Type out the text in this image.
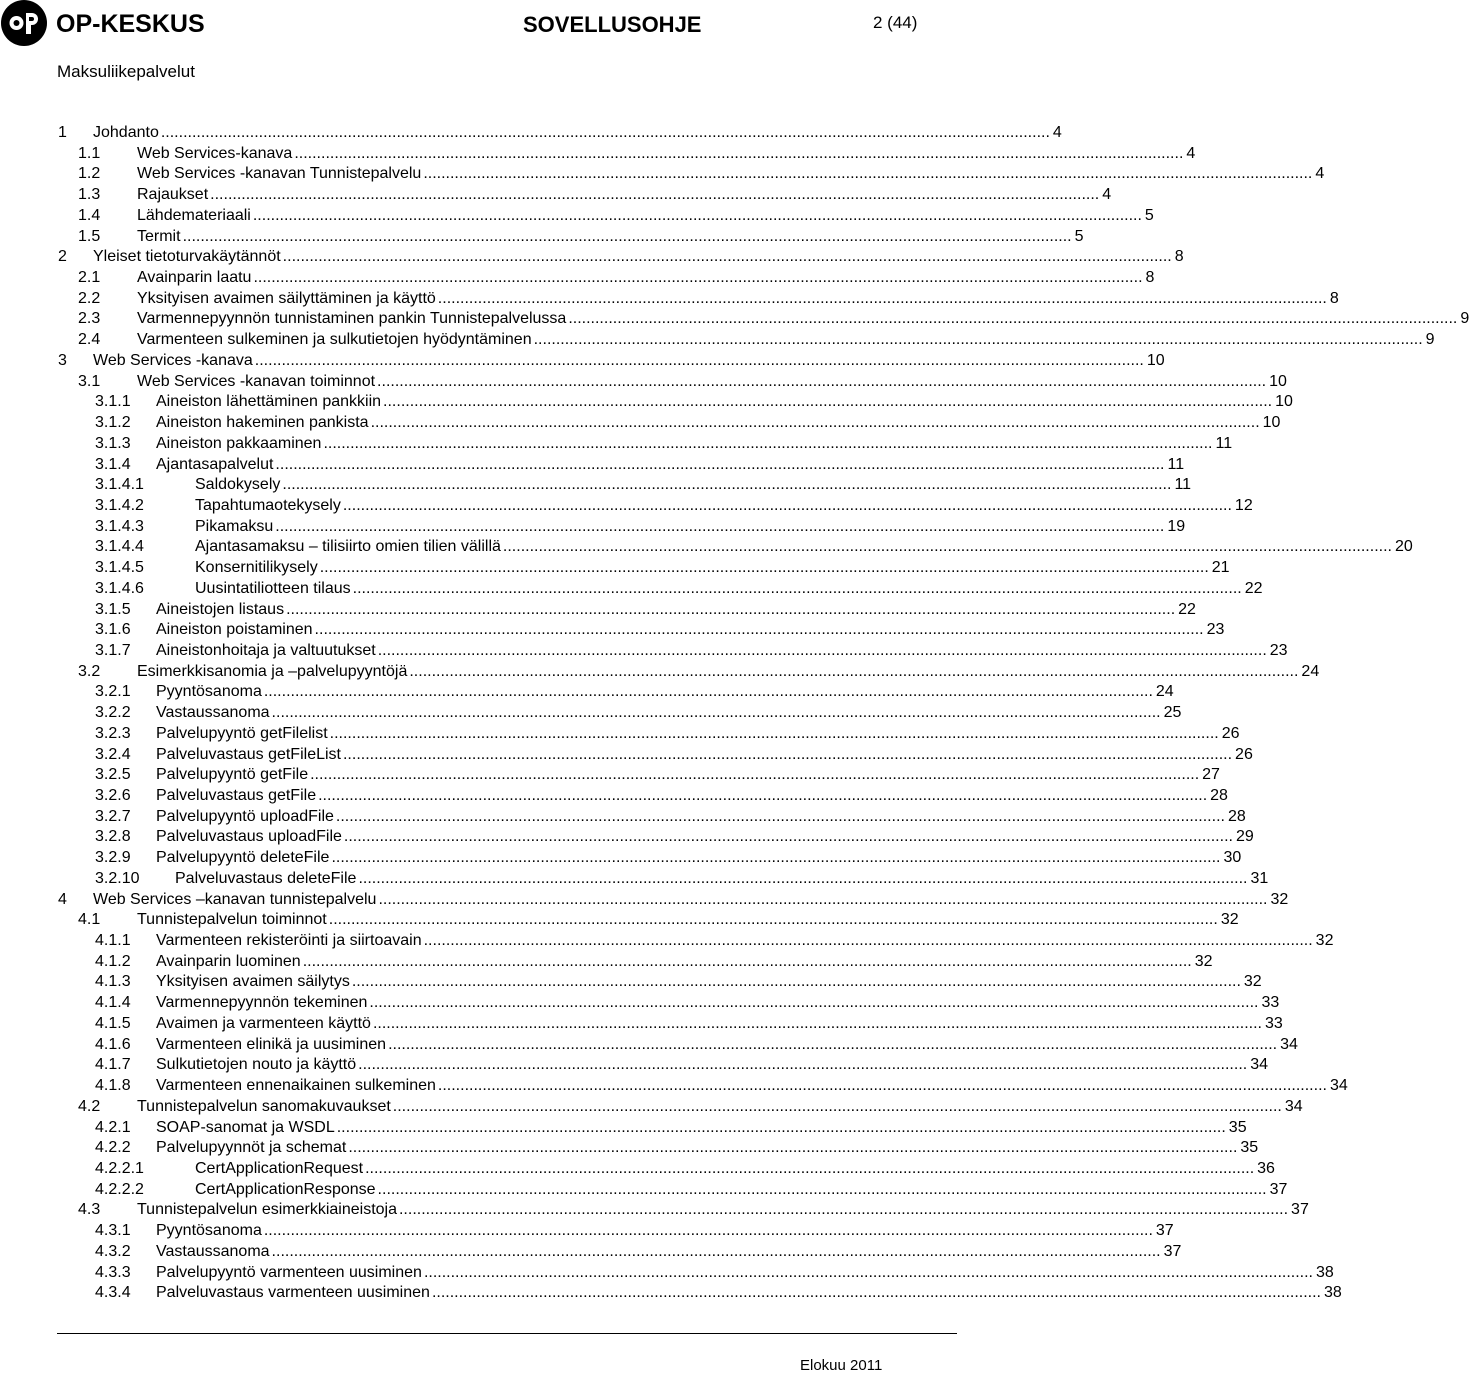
OP-KESKUS	SOVELLUSOHJE	2 (44)
Maksuliikepalvelut
1 Johdanto ........................................................................................................................................................................................................ 4
1.1 Web Services-kanava ........................................................................................................................................................................................................ 4
1.2 Web Services -kanavan Tunnistepalvelu ........................................................................................................................................................................................................ 4
1.3 Rajaukset ........................................................................................................................................................................................................ 4
1.4 Lähdemateriaali ........................................................................................................................................................................................................ 5
1.5 Termit ........................................................................................................................................................................................................ 5
2 Yleiset tietoturvakäytännöt ........................................................................................................................................................................................................ 8
2.1 Avainparin laatu ........................................................................................................................................................................................................ 8
2.2 Yksityisen avaimen säilyttäminen ja käyttö ........................................................................................................................................................................................................ 8
2.3 Varmennepyynnön tunnistaminen pankin Tunnistepalvelussa ........................................................................................................................................................................................................ 9
2.4 Varmenteen sulkeminen ja sulkutietojen hyödyntäminen ........................................................................................................................................................................................................ 9
3 Web Services -kanava ........................................................................................................................................................................................................ 10
3.1 Web Services -kanavan toiminnot ........................................................................................................................................................................................................ 10
3.1.1 Aineiston lähettäminen pankkiin ........................................................................................................................................................................................................ 10
3.1.2 Aineiston hakeminen pankista ........................................................................................................................................................................................................ 10
3.1.3 Aineiston pakkaaminen ........................................................................................................................................................................................................ 11
3.1.4 Ajantasapalvelut ........................................................................................................................................................................................................ 11
3.1.4.1	Saldokysely ........................................................................................................................................................................................................ 11
3.1.4.2	Tapahtumaotekysely ........................................................................................................................................................................................................ 12
3.1.4.3	Pikamaksu ........................................................................................................................................................................................................ 19
3.1.4.4	Ajantasamaksu – tilisiirto omien tilien välillä ........................................................................................................................................................................................................ 20
3.1.4.5	Konsernitilikysely ........................................................................................................................................................................................................ 21
3.1.4.6	Uusintatiliotteen tilaus ........................................................................................................................................................................................................ 22
3.1.5 Aineistojen listaus ........................................................................................................................................................................................................ 22
3.1.6 Aineiston poistaminen ........................................................................................................................................................................................................ 23
3.1.7 Aineistonhoitaja ja valtuutukset ........................................................................................................................................................................................................ 23
3.2 Esimerkkisanomia ja –palvelupyyntöjä ........................................................................................................................................................................................................ 24
3.2.1 Pyyntösanoma ........................................................................................................................................................................................................ 24
3.2.2 Vastaussanoma ........................................................................................................................................................................................................ 25
3.2.3 Palvelupyyntö getFilelist ........................................................................................................................................................................................................ 26
3.2.4 Palveluvastaus getFileList ........................................................................................................................................................................................................ 26
3.2.5 Palvelupyyntö getFile ........................................................................................................................................................................................................ 27
3.2.6 Palveluvastaus getFile ........................................................................................................................................................................................................ 28
3.2.7 Palvelupyyntö uploadFile ........................................................................................................................................................................................................ 28
3.2.8 Palveluvastaus uploadFile ........................................................................................................................................................................................................ 29
3.2.9 Palvelupyyntö deleteFile ........................................................................................................................................................................................................ 30
3.2.10 Palveluvastaus deleteFile ........................................................................................................................................................................................................ 31
4 Web Services –kanavan tunnistepalvelu ........................................................................................................................................................................................................ 32
4.1 Tunnistepalvelun toiminnot ........................................................................................................................................................................................................ 32
4.1.1 Varmenteen rekisteröinti ja siirtoavain ........................................................................................................................................................................................................ 32
4.1.2 Avainparin luominen ........................................................................................................................................................................................................ 32
4.1.3 Yksityisen avaimen säilytys ........................................................................................................................................................................................................ 32
4.1.4 Varmennepyynnön tekeminen ........................................................................................................................................................................................................ 33
4.1.5 Avaimen ja varmenteen käyttö ........................................................................................................................................................................................................ 33
4.1.6 Varmenteen elinikä ja uusiminen ........................................................................................................................................................................................................ 34
4.1.7 Sulkutietojen nouto ja käyttö ........................................................................................................................................................................................................ 34
4.1.8 Varmenteen ennenaikainen sulkeminen ........................................................................................................................................................................................................ 34
4.2 Tunnistepalvelun sanomakuvaukset ........................................................................................................................................................................................................ 34
4.2.1 SOAP-sanomat ja WSDL ........................................................................................................................................................................................................ 35
4.2.2 Palvelupyynnöt ja schemat ........................................................................................................................................................................................................ 35
4.2.2.1	CertApplicationRequest ........................................................................................................................................................................................................ 36
4.2.2.2	CertApplicationResponse ........................................................................................................................................................................................................ 37
4.3 Tunnistepalvelun esimerkkiaineistoja ........................................................................................................................................................................................................ 37
4.3.1 Pyyntösanoma ........................................................................................................................................................................................................ 37
4.3.2 Vastaussanoma ........................................................................................................................................................................................................ 37
4.3.3 Palvelupyyntö varmenteen uusiminen ........................................................................................................................................................................................................ 38
4.3.4 Palveluvastaus varmenteen uusiminen ........................................................................................................................................................................................................ 38
Elokuu 2011
